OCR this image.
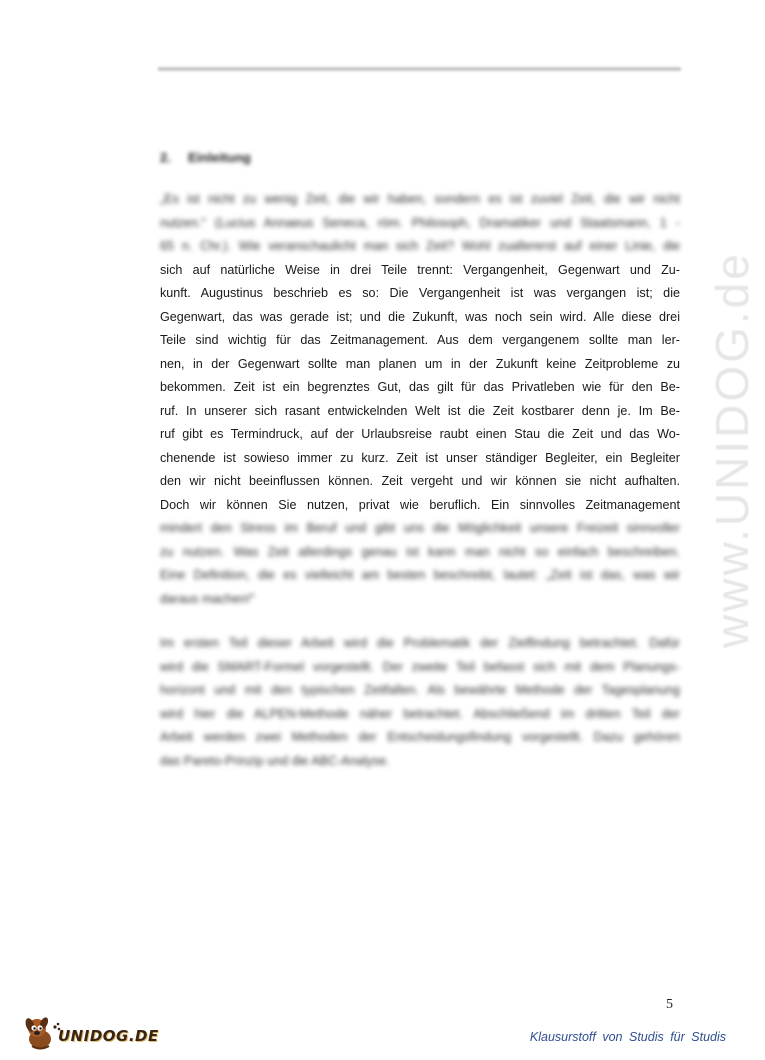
2. Einleitung
„Es ist nicht zu wenig Zeit, die wir haben, sondern es ist zuviel Zeit, die wir nicht
nutzen." (Lucius Annaeus Seneca, röm. Philosoph, Dramatiker und Staatsmann, 1 -
65 n. Chr.). Wie veranschaulicht man sich Zeit? Wohl zuallererst auf einer Linie, die
sich auf natürliche Weise in drei Teile trennt: Vergangenheit, Gegenwart und Zu-
kunft. Augustinus beschrieb es so: Die Vergangenheit ist was vergangen ist; die
Gegenwart, das was gerade ist; und die Zukunft, was noch sein wird. Alle diese drei
Teile sind wichtig für das Zeitmanagement. Aus dem vergangenem sollte man ler-
nen, in der Gegenwart sollte man planen um in der Zukunft keine Zeitprobleme zu
bekommen. Zeit ist ein begrenztes Gut, das gilt für das Privatleben wie für den Be-
ruf. In unserer sich rasant entwickelnden Welt ist die Zeit kostbarer denn je. Im Be-
ruf gibt es Termindruck, auf der Urlaubsreise raubt einen Stau die Zeit und das Wo-
chenende ist sowieso immer zu kurz. Zeit ist unser ständiger Begleiter, ein Begleiter
den wir nicht beeinflussen können. Zeit vergeht und wir können sie nicht aufhalten.
Doch wir können Sie nutzen, privat wie beruflich. Ein sinnvolles Zeitmanagement
mindert den Stress im Beruf und gibt uns die Möglichkeit unsere Freizeit sinnvoller
zu nutzen. Was Zeit allerdings genau ist kann man nicht so einfach beschreiben.
Eine Definition, die es vielleicht am besten beschreibt, lautet: „Zeit ist das, was wir
daraus machen!"
Im ersten Teil dieser Arbeit wird die Problematik der Zielfindung betrachtet. Dafür
wird die SMART-Formel vorgestellt. Der zweite Teil befasst sich mit dem Planungs-
horizont und mit den typischen Zeitfallen. Als bewährte Methode der Tagesplanung
wird hier die ALPEN-Methode näher betrachtet. Abschließend im dritten Teil der
Arbeit werden zwei Methoden der Entscheidungsfindung vorgestellt. Dazu gehören
das Pareto-Prinzip und die ABC-Analyse.
www.UNIDOG.de
5
UNIDOG.DE	Klausurstoff von Studis für Studis
